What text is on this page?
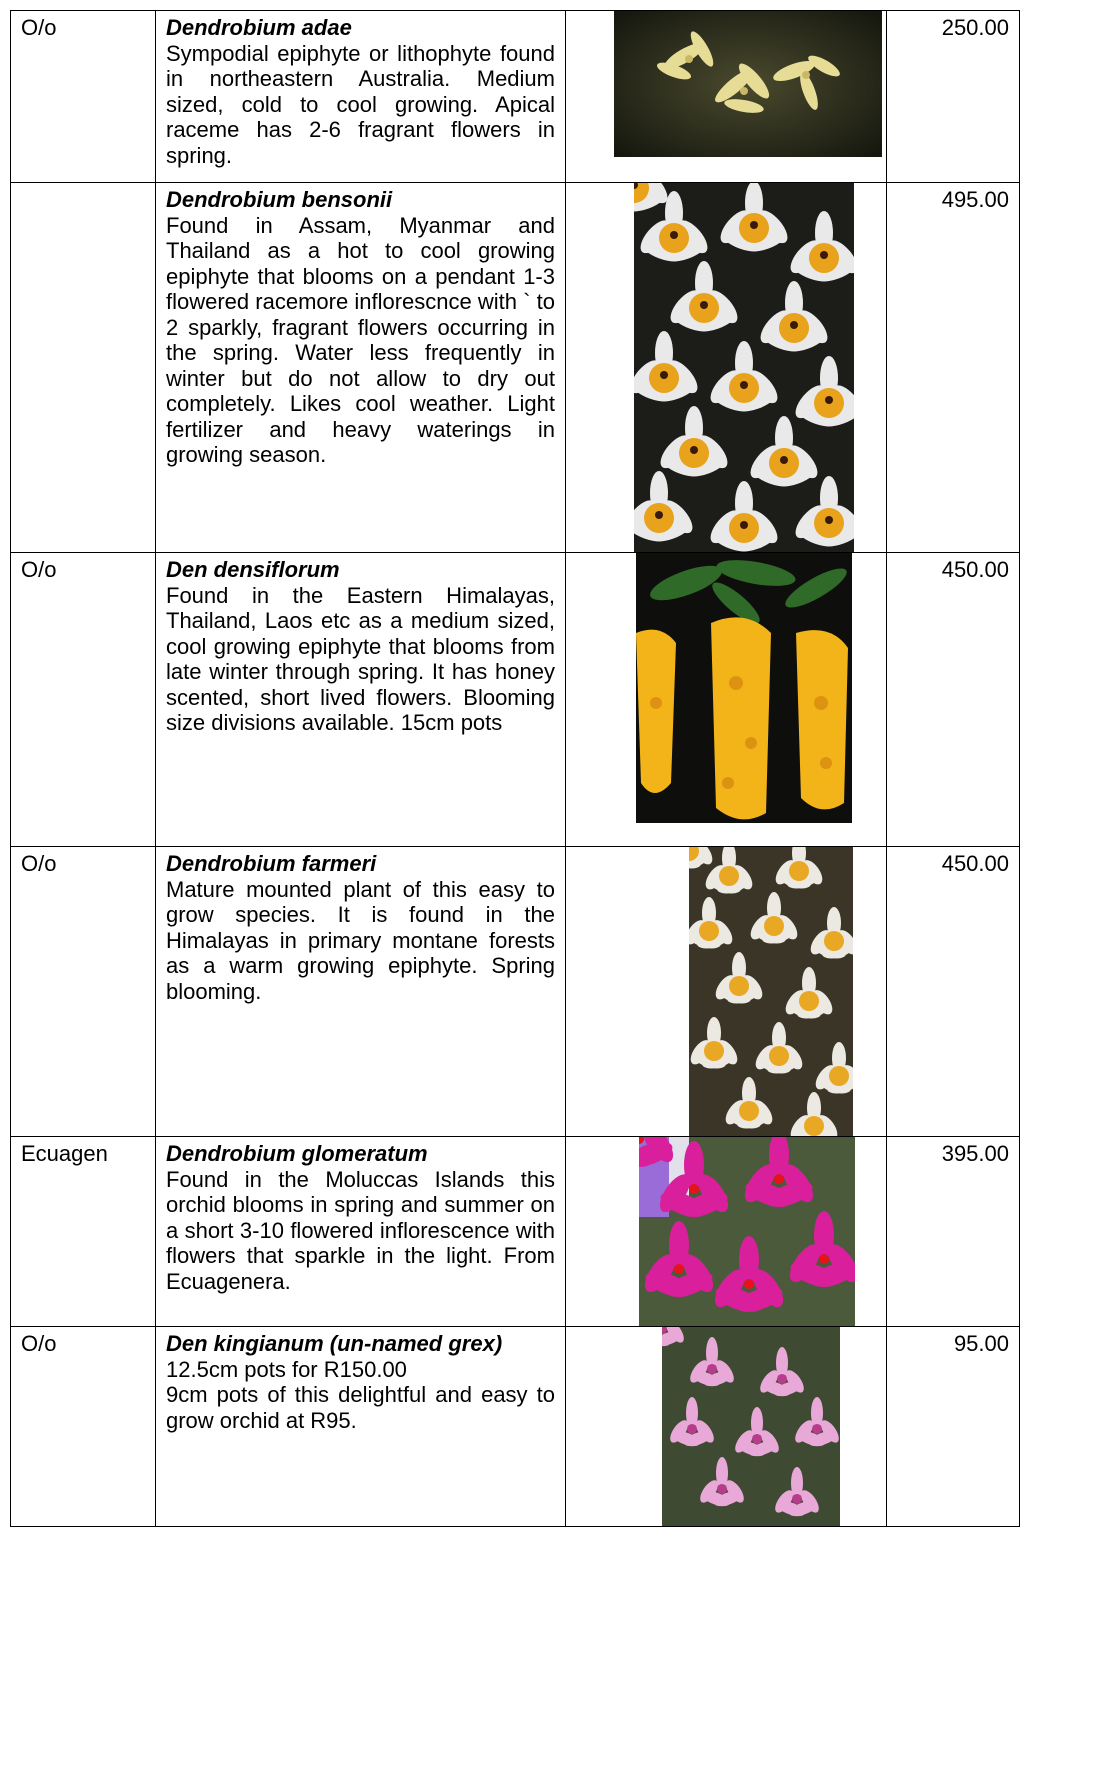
O/o	Dendrobium adae
Sympodial epiphyte or lithophyte found in northeastern Australia. Medium sized, cold to cool growing. Apical raceme has 2-6 fragrant flowers in spring.		250.00

	Dendrobium bensonii
Found in Assam, Myanmar and Thailand as a hot to cool growing epiphyte that blooms on a pendant 1-3 flowered racemore inflorescnce with ` to 2 sparkly, fragrant flowers occurring in the spring. Water less frequently in winter but do not allow to dry out completely. Likes cool weather. Light fertilizer and heavy waterings in growing season.		495.00
O/o	Den densiflorum
Found in the Eastern Himalayas, Thailand, Laos etc as a medium sized, cool growing epiphyte that blooms from late winter through spring. It has honey scented, short lived flowers. Blooming size divisions available. 15cm pots		450.00
O/o	Dendrobium farmeri
Mature mounted plant of this easy to grow species. It is found in the Himalayas in primary montane forests as a warm growing epiphyte. Spring blooming.		450.00
Ecuagen	Dendrobium glomeratum
Found in the Moluccas Islands this orchid blooms in spring and summer on a short 3-10 flowered inflorescence with flowers that sparkle in the light. From Ecuagenera.		395.00
O/o	Den kingianum (un-named grex)
12.5cm pots for R150.00
9cm pots of this delightful and easy to grow orchid at R95.		95.00
